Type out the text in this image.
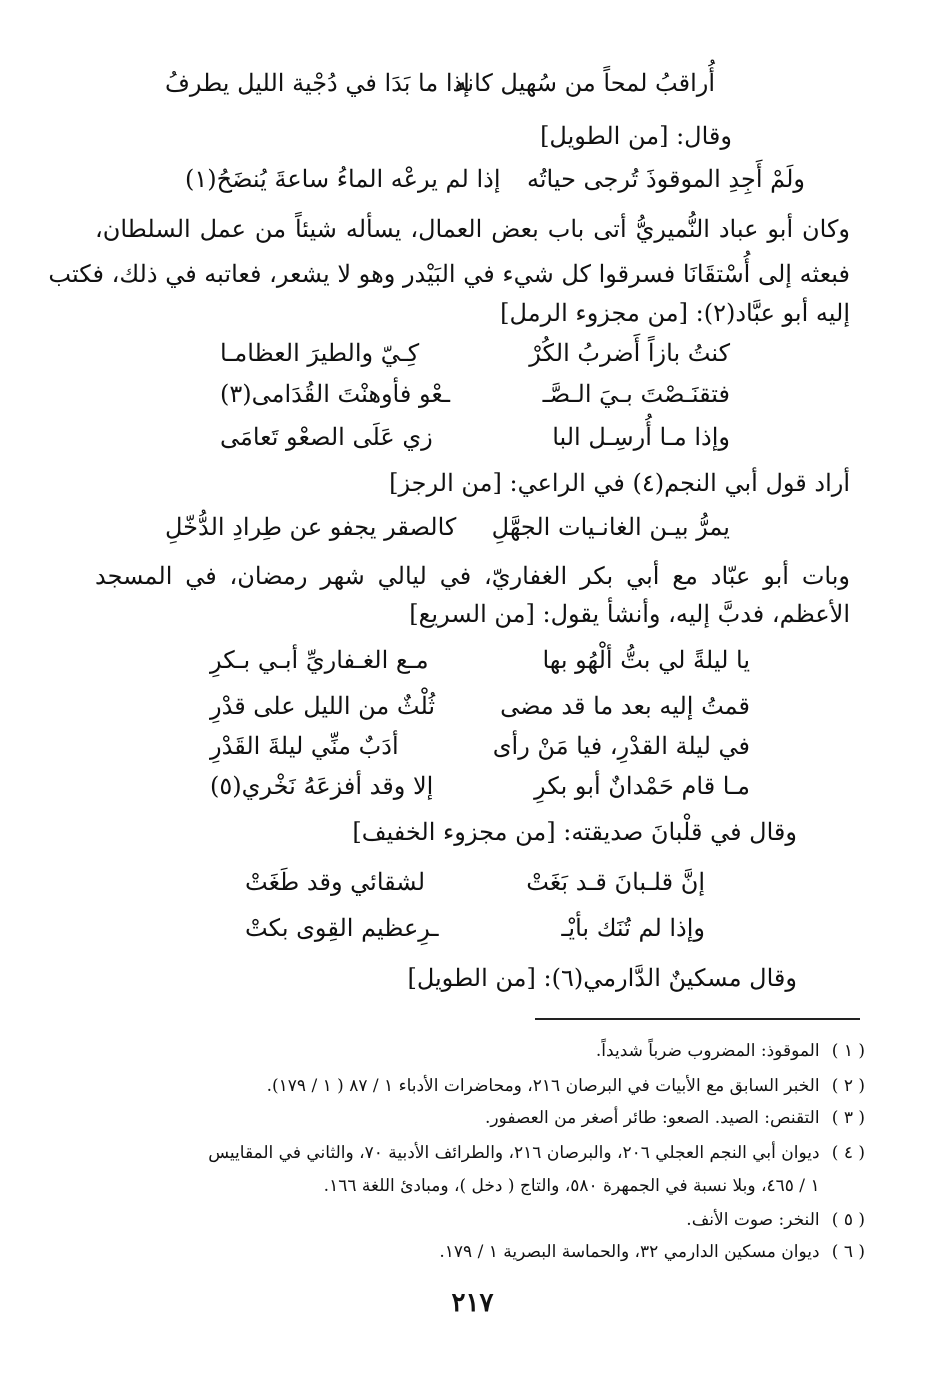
أُراقبُ لمحاً من سُهيل كانه
إذا ما بَدَا في دُجْية الليل يطرفُ
وقال: [من الطويل]
ولَمْ أَجِدِ الموقوذَ تُرجى حياتُه
إذا لم يرعْه الماءُ ساعةَ يُنضَحُ(١)
وكان أبو عباد النُّميريُّ أتى باب بعض العمال، يسأله شيئاً من عمل السلطان،
فبعثه إلى أُسْتقَانَا فسرقوا كل شيء في البَيْدر وهو لا يشعر، فعاتبه في ذلك، فكتب
إليه أبو عبَّاد(٢): [من مجزوء الرمل]
كنتُ بازاً أَضربُ الكُرْ
كِـيّ والطيرَ العظامـا
فتقنَـصْتَ بـيَ الـصَّـ
ـعْو فأوهنْتَ القُدَامى(٣)
وإذا مـا أُرسِـل البا
زي عَلَى الصعْو تَعامَى
أراد قول أبي النجم(٤) في الراعي: [من الرجز]
يمرُّ بيـن الغانـيات الجهَّلِ
كالصقر يجفو عن طِرادِ الدُّخّلِ
وبات أبو عبّاد مع أبي بكر الغفاريّ، في ليالي شهر رمضان، في المسجد
الأعظم، فدبَّ إليه، وأنشأ يقول: [من السريع]
يا ليلةً لي بتُّ ألْهُو بها
مـع الغـفاريِّ أبـي بـكرِ
قمتُ إليه بعد ما قد مضى
ثُلْثٌ من الليل على قدْرِ
في ليلة القدْرِ، فيا مَنْ رأى
أدَبٌ منِّي ليلةَ القَدْرِ
مـا قام حَمْدانٌ أبو بكرِ
إلا وقد أفزعَهُ نَخْري(٥)
وقال في قلْبانَ صديقته: [من مجزوء الخفيف]
إنَّ قلـبانَ قـد بَغَتْ
لشقائي وقد طَغَتْ
وإذا لم تُنَك بأيْـ
ـرِعظيم القِوى بكتْ
وقال مسكينٌ الدَّارمي(٦): [من الطويل]
( ١ ) الموقوذ: المضروب ضرباً شديداً.
( ٢ ) الخبر السابق مع الأبيات في البرصان ٢١٦، ومحاضرات الأدباء ١ / ٨٧ ( ١ / ١٧٩).
( ٣ ) التقنص: الصيد. الصعو: طائر أصغر من العصفور.
( ٤ ) ديوان أبي النجم العجلي ٢٠٦، والبرصان ٢١٦، والطرائف الأدبية ٧٠، والثاني في المقاييس
١ / ٤٦٥، وبلا نسبة في الجمهرة ٥٨٠، والتاج ( دخل )، ومبادئ اللغة ١٦٦.
( ٥ ) النخر: صوت الأنف.
( ٦ ) ديوان مسكين الدارمي ٣٢، والحماسة البصرية ١ / ١٧٩.
٢١٧
